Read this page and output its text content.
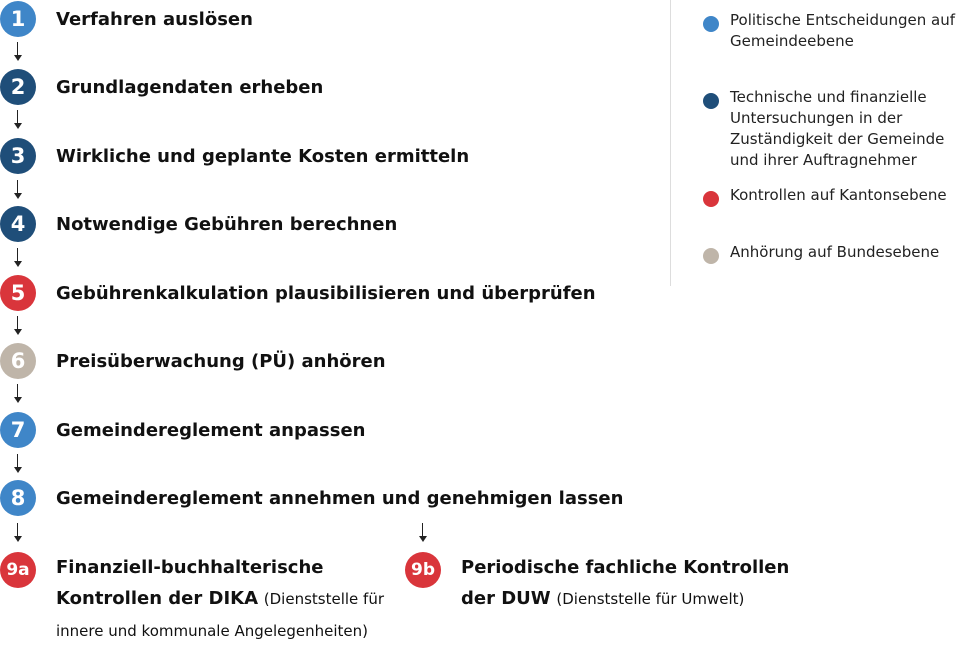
1	Verfahren auslösen
2	Grundlagendaten erheben
3	Wirkliche und geplante Kosten ermitteln
4	Notwendige Gebühren berechnen
5	Gebührenkalkulation plausibilisieren und überprüfen
6	Preisüberwachung (PÜ) anhören
7	Gemeindereglement anpassen
8	Gemeindereglement annehmen und genehmigen lassen
9a	Finanziell-buchhalterische
Kontrollen der DIKA (Dienststelle für innere und kommunale Angelegenheiten)
9b	Periodische fachliche Kontrollen
der DUW (Dienststelle für Umwelt)
Politische Entscheidungen auf Gemeindeebene
Technische und finanzielle Untersuchungen in der Zuständigkeit der Gemeinde und ihrer Auftragnehmer
Kontrollen auf Kantonsebene
Anhörung auf Bundesebene
